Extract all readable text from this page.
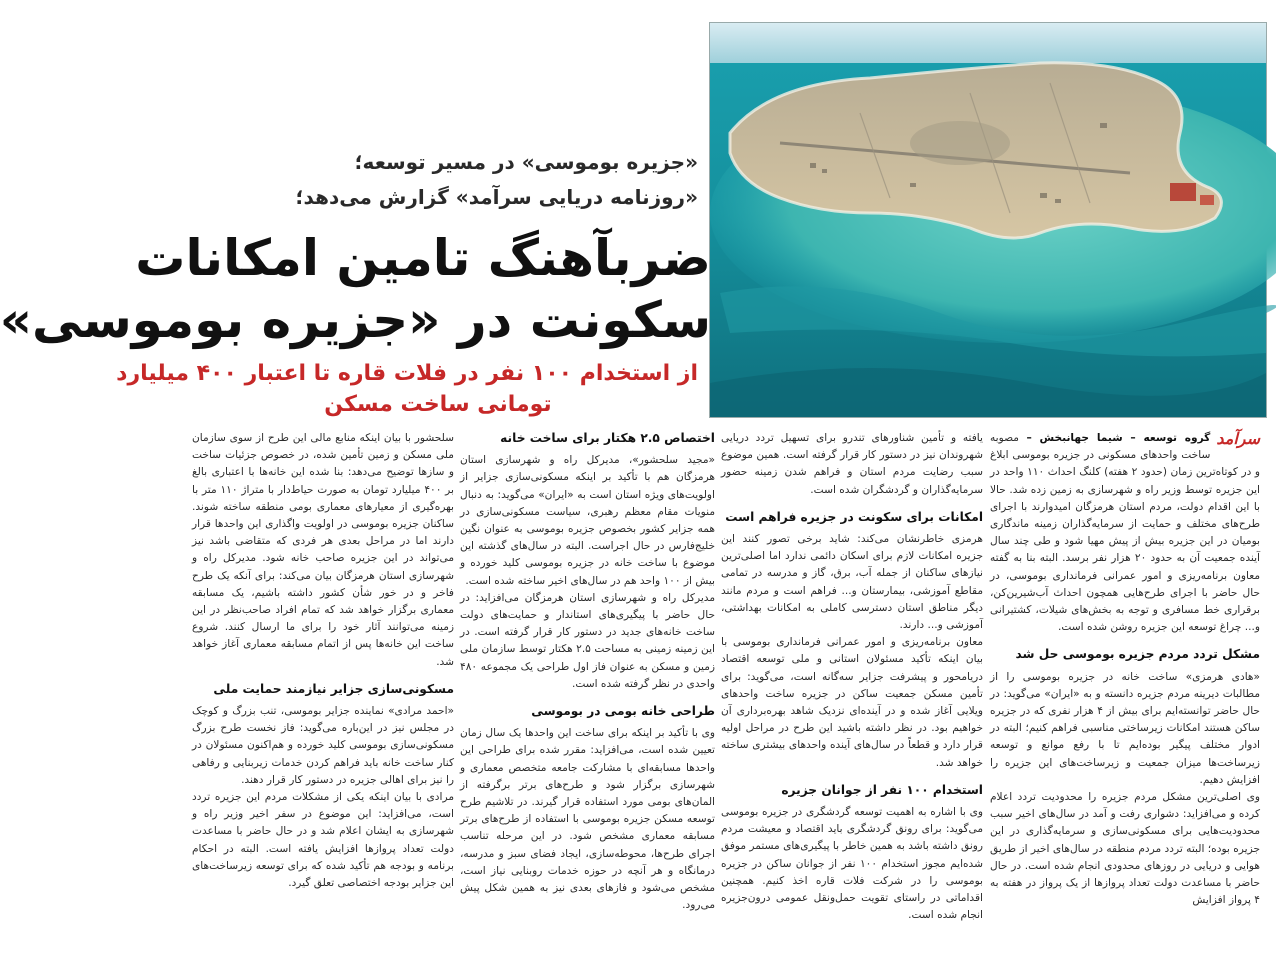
«جزیره بوموسی» در مسیر توسعه؛
«روزنامه دریایی سرآمد» گزارش می‌دهد؛
ضربآهنگ تامین امکانات
سکونت در «جزیره بوموسی»
از استخدام ۱۰۰ نفر در فلات قاره تا اعتبار ۴۰۰ میلیارد
تومانی ساخت مسکن

سرآمد
گروه توسعه – شیما جهانبخش – مصوبه ساخت واحدهای مسکونی در جزیره بوموسی ابلاغ و در کوتاه‌ترین زمان (حدود ۲ هفته) کلنگ احداث ۱۱۰ واحد در این جزیره توسط وزیر راه و شهرسازی به زمین زده شد. حالا با این اقدام دولت، مردم استان هرمزگان امیدوارند با اجرای طرح‌های مختلف و حمایت از سرمایه‌گذاران زمینه ماندگاری بومیان در این جزیره بیش از پیش مهیا شود و طی چند سال آینده جمعیت آن به حدود ۲۰ هزار نفر برسد. البته بنا به گفته معاون برنامه‌ریزی و امور عمرانی فرمانداری بوموسی، در حال حاضر با اجرای طرح‌هایی همچون احداث آب‌شیرین‌کن، برقراری خط مسافری و توجه به بخش‌های شیلات، کشتیرانی و... چراغ توسعه این جزیره روشن شده است.

مشکل تردد مردم جزیره بوموسی حل شد

«هادی هرمزی» ساخت خانه در جزیره بوموسی را از مطالبات دیرینه مردم جزیره دانسته و به «ایران» می‌گوید: در حال حاضر توانسته‌ایم برای بیش از ۴ هزار نفری که در جزیره ساکن هستند امکانات زیرساختی مناسبی فراهم کنیم؛ البته در ادوار مختلف پیگیر بوده‌ایم تا با رفع موانع و توسعه زیرساخت‌ها میزان جمعیت و زیرساخت‌های این جزیره را افزایش دهیم.

وی اصلی‌ترین مشکل مردم جزیره را محدودیت تردد اعلام کرده و می‌افزاید: دشواری رفت و آمد در سال‌های اخیر سبب محدودیت‌هایی برای مسکونی‌سازی و سرمایه‌گذاری در این جزیره بوده؛ البته تردد مردم منطقه در سال‌های اخیر از طریق هوایی و دریایی در روزهای محدودی انجام شده است. در حال حاضر با مساعدت دولت تعداد پروازها از یک پرواز در هفته به ۴ پرواز افزایش

یافته و تأمین شناورهای تندرو برای تسهیل تردد دریایی شهروندان نیز در دستور کار قرار گرفته است. همین موضوع سبب رضایت مردم استان و فراهم شدن زمینه حضور سرمایه‌گذاران و گردشگران شده است.

امکانات برای سکونت در جزیره فراهم است

هرمزی خاطرنشان می‌کند: شاید برخی تصور کنند این جزیره امکانات لازم برای اسکان دائمی ندارد اما اصلی‌ترین نیازهای ساکنان از جمله آب، برق، گاز و مدرسه در تمامی مقاطع آموزشی، بیمارستان و... فراهم است و مردم مانند دیگر مناطق استان دسترسی کاملی به امکانات بهداشتی، آموزشی و... دارند.

معاون برنامه‌ریزی و امور عمرانی فرمانداری بوموسی با بیان اینکه تأکید مسئولان استانی و ملی توسعه اقتصاد دریامحور و پیشرفت جزایر سه‌گانه است، می‌گوید: برای تأمین مسکن جمعیت ساکن در جزیره ساخت واحدهای ویلایی آغاز شده و در آینده‌ای نزدیک شاهد بهره‌برداری آن خواهیم بود. در نظر داشته باشید این طرح در مراحل اولیه قرار دارد و قطعاً در سال‌های آینده واحدهای بیشتری ساخته خواهد شد.

استخدام ۱۰۰ نفر از جوانان جزیره

وی با اشاره به اهمیت توسعه گردشگری در جزیره بوموسی می‌گوید: برای رونق گردشگری باید اقتصاد و معیشت مردم رونق داشته باشد به همین خاطر با پیگیری‌های مستمر موفق شده‌ایم مجوز استخدام ۱۰۰ نفر از جوانان ساکن در جزیره بوموسی را در شرکت فلات قاره اخذ کنیم. همچنین اقداماتی در راستای تقویت حمل‌ونقل عمومی درون‌جزیره انجام شده است.

اختصاص ۲.۵ هکتار برای ساخت خانه

«مجید سلحشور»، مدیرکل راه و شهرسازی استان هرمزگان هم با تأکید بر اینکه مسکونی‌سازی جزایر از اولویت‌های ویژه استان است به «ایران» می‌گوید: به دنبال منویات مقام معظم رهبری، سیاست مسکونی‌سازی در همه جزایر کشور بخصوص جزیره بوموسی به عنوان نگین خلیج‌فارس در حال اجراست. البته در سال‌های گذشته این موضوع با ساخت خانه در جزیره بوموسی کلید خورده و بیش از ۱۰۰ واحد هم در سال‌های اخیر ساخته شده است.

مدیرکل راه و شهرسازی استان هرمزگان می‌افزاید: در حال حاضر با پیگیری‌های استاندار و حمایت‌های دولت ساخت خانه‌های جدید در دستور کار قرار گرفته است. در این زمینه زمینی به مساحت ۲.۵ هکتار توسط سازمان ملی زمین و مسکن به عنوان فاز اول طراحی یک مجموعه ۴۸۰ واحدی در نظر گرفته شده است.

طراحی خانه بومی در بوموسی

وی با تأکید بر اینکه برای ساخت این واحدها یک سال زمان تعیین شده است، می‌افزاید: مقرر شده برای طراحی این واحدها مسابقه‌ای با مشارکت جامعه متخصص معماری و شهرسازی برگزار شود و طرح‌های برتر برگرفته از المان‌های بومی مورد استفاده قرار گیرند. در تلاشیم طرح توسعه مسکن جزیره بوموسی با استفاده از طرح‌های برتر مسابقه معماری مشخص شود. در این مرحله تناسب اجرای طرح‌ها، محوطه‌سازی، ایجاد فضای سبز و مدرسه، درمانگاه و هر آنچه در حوزه خدمات روبنایی نیاز است، مشخص می‌شود و فازهای بعدی نیز به همین شکل پیش می‌رود.

سلحشور با بیان اینکه منابع مالی این طرح از سوی سازمان ملی مسکن و زمین تأمین شده، در خصوص جزئیات ساخت و سازها توضیح می‌دهد: بنا شده این خانه‌ها با اعتباری بالغ بر ۴۰۰ میلیارد تومان به صورت حیاط‌دار با متراژ ۱۱۰ متر با بهره‌گیری از معیارهای معماری بومی منطقه ساخته شوند. ساکنان جزیره بوموسی در اولویت واگذاری این واحدها قرار دارند اما در مراحل بعدی هر فردی که متقاضی باشد نیز می‌تواند در این جزیره صاحب خانه شود. مدیرکل راه و شهرسازی استان هرمزگان بیان می‌کند: برای آنکه یک طرح فاخر و در خور شأن کشور داشته باشیم، یک مسابقه معماری برگزار خواهد شد که تمام افراد صاحب‌نظر در این زمینه می‌توانند آثار خود را برای ما ارسال کنند. شروع ساخت این خانه‌ها پس از اتمام مسابقه معماری آغاز خواهد شد.

مسکونی‌سازی جزایر نیازمند حمایت ملی

«احمد مرادی» نماینده جزایر بوموسی، تنب بزرگ و کوچک در مجلس نیز در این‌باره می‌گوید: فاز نخست طرح بزرگ مسکونی‌سازی بوموسی کلید خورده و هم‌اکنون مسئولان در کنار ساخت خانه باید فراهم کردن خدمات زیربنایی و رفاهی را نیز برای اهالی جزیره در دستور کار قرار دهند.

مرادی با بیان اینکه یکی از مشکلات مردم این جزیره تردد است، می‌افزاید: این موضوع در سفر اخیر وزیر راه و شهرسازی به ایشان اعلام شد و در حال حاضر با مساعدت دولت تعداد پروازها افزایش یافته است. البته در احکام برنامه و بودجه هم تأکید شده که برای توسعه زیرساخت‌های این جزایر بودجه اختصاصی تعلق گیرد.
